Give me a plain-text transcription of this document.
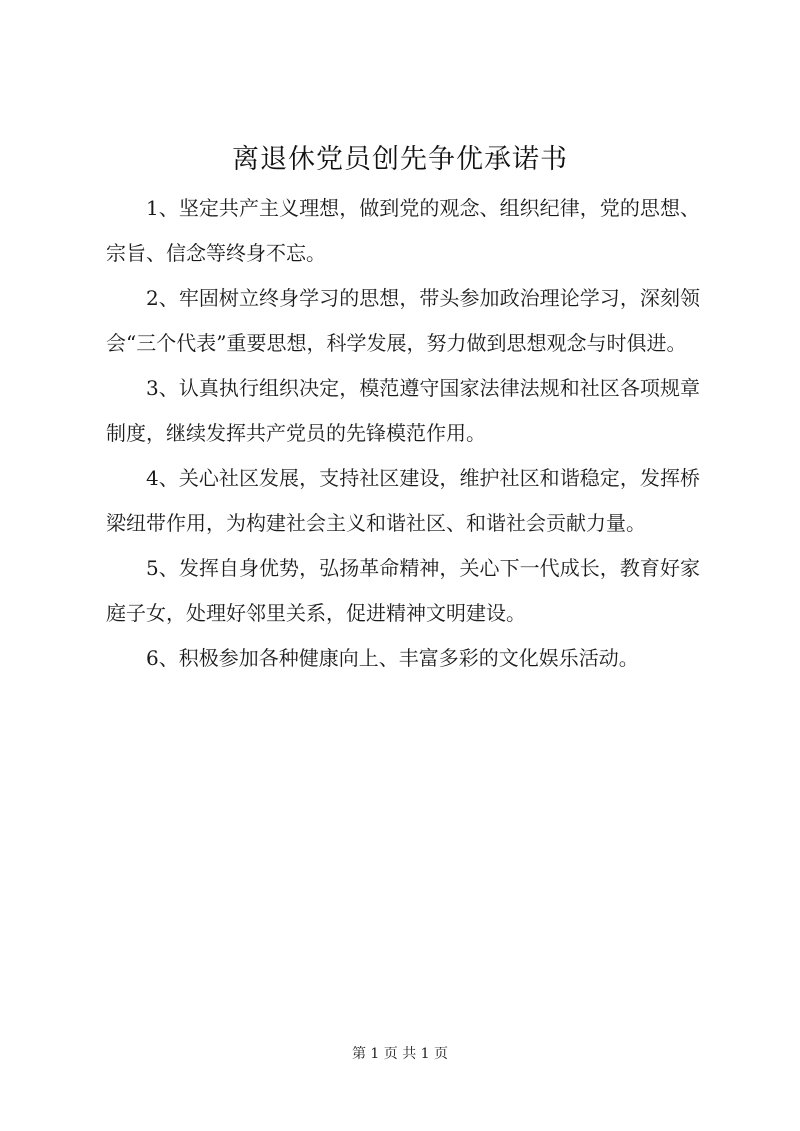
离退休党员创先争优承诺书

1、坚定共产主义理想，做到党的观念、组织纪律，党的思想、宗旨、信念等终身不忘。

2、牢固树立终身学习的思想，带头参加政治理论学习，深刻领会“三个代表”重要思想，科学发展，努力做到思想观念与时俱进。

3、认真执行组织决定，模范遵守国家法律法规和社区各项规章制度，继续发挥共产党员的先锋模范作用。

4、关心社区发展，支持社区建设，维护社区和谐稳定，发挥桥梁纽带作用，为构建社会主义和谐社区、和谐社会贡献力量。

5、发挥自身优势，弘扬革命精神，关心下一代成长，教育好家庭子女，处理好邻里关系，促进精神文明建设。

6、积极参加各种健康向上、丰富多彩的文化娱乐活动。

第 1 页 共 1 页
